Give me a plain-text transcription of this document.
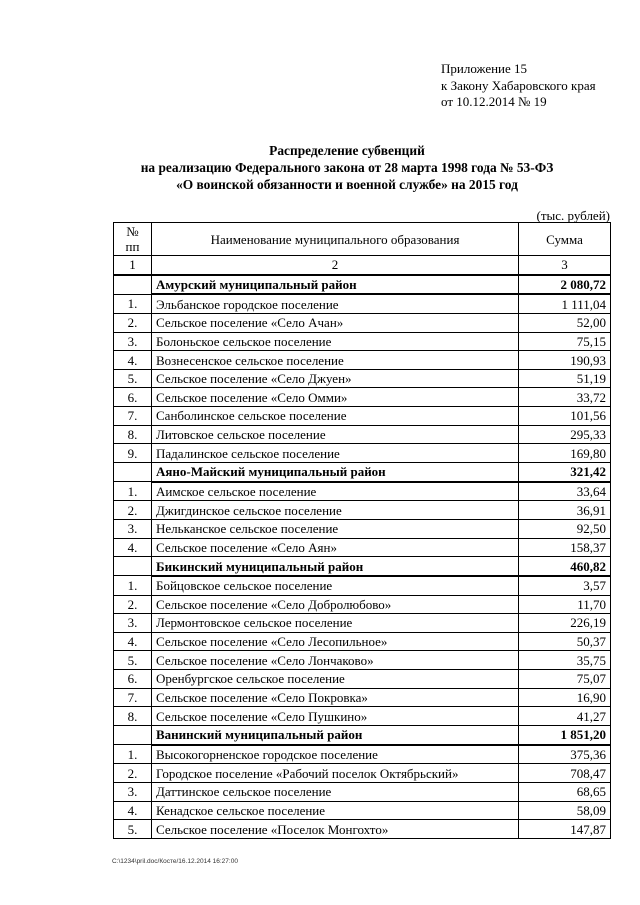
Приложение 15
к Закону Хабаровского края
от 10.12.2014 № 19
Распределение субвенций
на реализацию Федерального закона от 28 марта 1998 года № 53-ФЗ
«О воинской обязанности и военной службе» на 2015 год
(тыс. рублей)
№
пп	Наименование муниципального образования	Сумма
1	2	3
	Амурский муниципальный район	2 080,72
1.	Эльбанское городское поселение	1 111,04
2.	Сельское поселение «Село Ачан»	52,00
3.	Болоньское сельское поселение	75,15
4.	Вознесенское сельское поселение	190,93
5.	Сельское поселение «Село Джуен»	51,19
6.	Сельское поселение «Село Омми»	33,72
7.	Санболинское сельское поселение	101,56
8.	Литовское сельское поселение	295,33
9.	Падалинское сельское поселение	169,80
	Аяно-Майский муниципальный район	321,42
1.	Аимское сельское поселение	33,64
2.	Джигдинское сельское поселение	36,91
3.	Нельканское сельское поселение	92,50
4.	Сельское поселение «Село Аян»	158,37
	Бикинский муниципальный район	460,82
1.	Бойцовское сельское поселение	3,57
2.	Сельское поселение «Село Добролюбово»	11,70
3.	Лермонтовское сельское поселение	226,19
4.	Сельское поселение «Село Лесопильное»	50,37
5.	Сельское поселение «Село Лончаково»	35,75
6.	Оренбургское сельское поселение	75,07
7.	Сельское поселение «Село Покровка»	16,90
8.	Сельское поселение «Село Пушкино»	41,27
	Ванинский муниципальный район	1 851,20
1.	Высокогорненское городское поселение	375,36
2.	Городское поселение «Рабочий поселок Октябрьский»	708,47
3.	Даттинское сельское поселение	68,65
4.	Кенадское сельское поселение	58,09
5.	Сельское поселение «Поселок Монгохто»	147,87
C:\1234\pril.doc/Косте/16.12.2014 16:27:00
